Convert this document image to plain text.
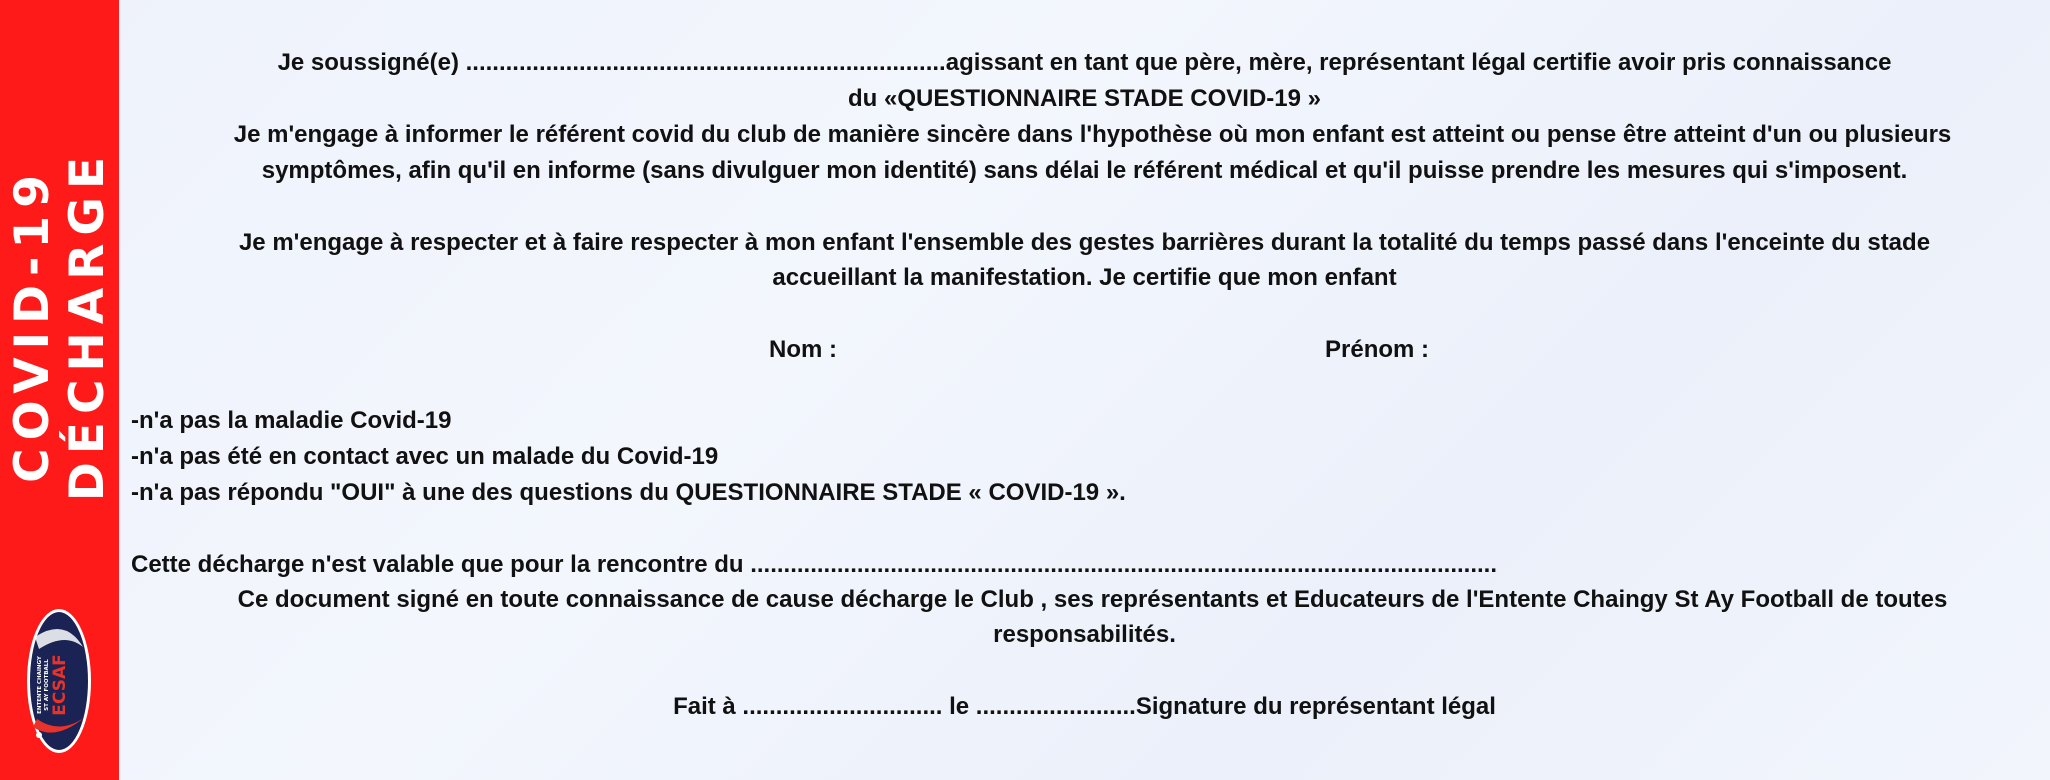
COVID-19 DÉCHARGE
ECSAF
ENTENTE CHAINGY ST AY FOOTBALL
Je soussigné(e) ........................................................................agissant en tant que père, mère, représentant légal certifie avoir pris connaissance
du «QUESTIONNAIRE STADE COVID-19 »
Je m'engage à informer le référent covid du club de manière sincère dans l'hypothèse où mon enfant est atteint ou pense être atteint d'un ou plusieurs
symptômes, afin qu'il en informe (sans divulguer mon identité) sans délai le référent médical et qu'il puisse prendre les mesures qui s'imposent.
Je m'engage à respecter et à faire respecter à mon enfant l'ensemble des gestes barrières durant la totalité du temps passé dans l'enceinte du stade
accueillant la manifestation. Je certifie que mon enfant
Nom :	Prénom :
-n'a pas la maladie Covid-19
-n'a pas été en contact avec un malade du Covid-19
-n'a pas répondu "OUI" à une des questions du QUESTIONNAIRE STADE « COVID-19 ».
Cette décharge n'est valable que pour la rencontre du ................................................................................................................
Ce document signé en toute connaissance de cause décharge le Club , ses représentants et Educateurs de l'Entente Chaingy St Ay Football de toutes
responsabilités.
Fait à .............................. le ........................Signature du représentant légal
